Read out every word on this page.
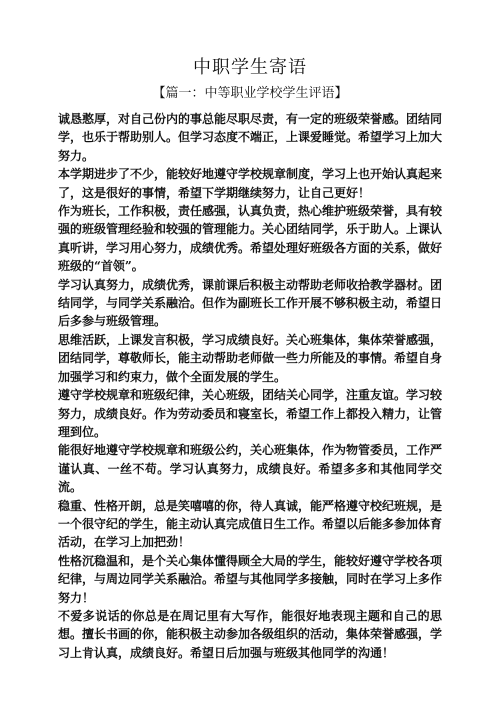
中职学生寄语
【篇一：中等职业学校学生评语】

诚恳憨厚，对自己份内的事总能尽职尽责，有一定的班级荣誉感。团结同学，也乐于帮助别人。但学习态度不端正，上课爱睡觉。希望学习上加大努力。

本学期进步了不少，能较好地遵守学校规章制度，学习上也开始认真起来了，这是很好的事情，希望下学期继续努力，让自己更好！

作为班长，工作积极，责任感强，认真负责，热心维护班级荣誉，具有较强的班级管理经验和较强的管理能力。关心团结同学，乐于助人。上课认真听讲，学习用心努力，成绩优秀。希望处理好班级各方面的关系，做好班级的“首领”。

学习认真努力，成绩优秀，课前课后积极主动帮助老师收拾教学器材。团结同学，与同学关系融洽。但作为副班长工作开展不够积极主动，希望日后多参与班级管理。

思维活跃，上课发言积极，学习成绩良好。关心班集体，集体荣誉感强，团结同学，尊敬师长，能主动帮助老师做一些力所能及的事情。希望自身加强学习和约束力，做个全面发展的学生。

遵守学校规章和班级纪律，关心班级，团结关心同学，注重友谊。学习较努力，成绩良好。作为劳动委员和寝室长，希望工作上都投入精力，让管理到位。

能很好地遵守学校规章和班级公约，关心班集体，作为物管委员，工作严谨认真、一丝不苟。学习认真努力，成绩良好。希望多多和其他同学交流。

稳重、性格开朗，总是笑嘻嘻的你，待人真诚，能严格遵守校纪班规，是一个很守纪的学生，能主动认真完成值日生工作。希望以后能多参加体育活动，在学习上加把劲！

性格沉稳温和，是个关心集体懂得顾全大局的学生，能较好遵守学校各项纪律，与周边同学关系融洽。希望与其他同学多接触，同时在学习上多作努力！

不爱多说话的你总是在周记里有大写作，能很好地表现主题和自己的思想。擅长书画的你，能积极主动参加各级组织的活动，集体荣誉感强，学习上肯认真，成绩良好。希望日后加强与班级其他同学的沟通！
